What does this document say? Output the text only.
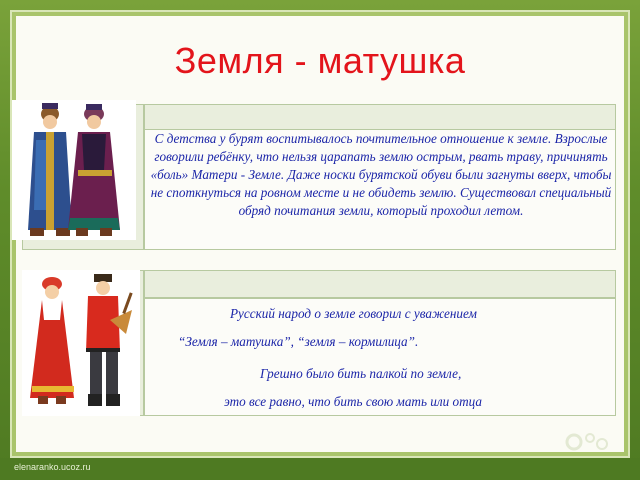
Земля - матушка
С детства у бурят воспитывалось почтительное отношение к земле. Взрослые говорили ребёнку, что нельзя царапать землю острым, рвать траву, причинять «боль» Матери - Земле. Даже носки бурятской обуви были загнуты вверх, чтобы не споткнуться на ровном месте и не обидеть землю. Существовал специальный обряд почитания земли, который проходил летом.
Русский народ о земле говорил с уважением
“Земля – матушка”, “земля – кормилица”.
Грешно было бить палкой по земле,
это все равно, что бить свою мать или отца
elenaranko.ucoz.ru
